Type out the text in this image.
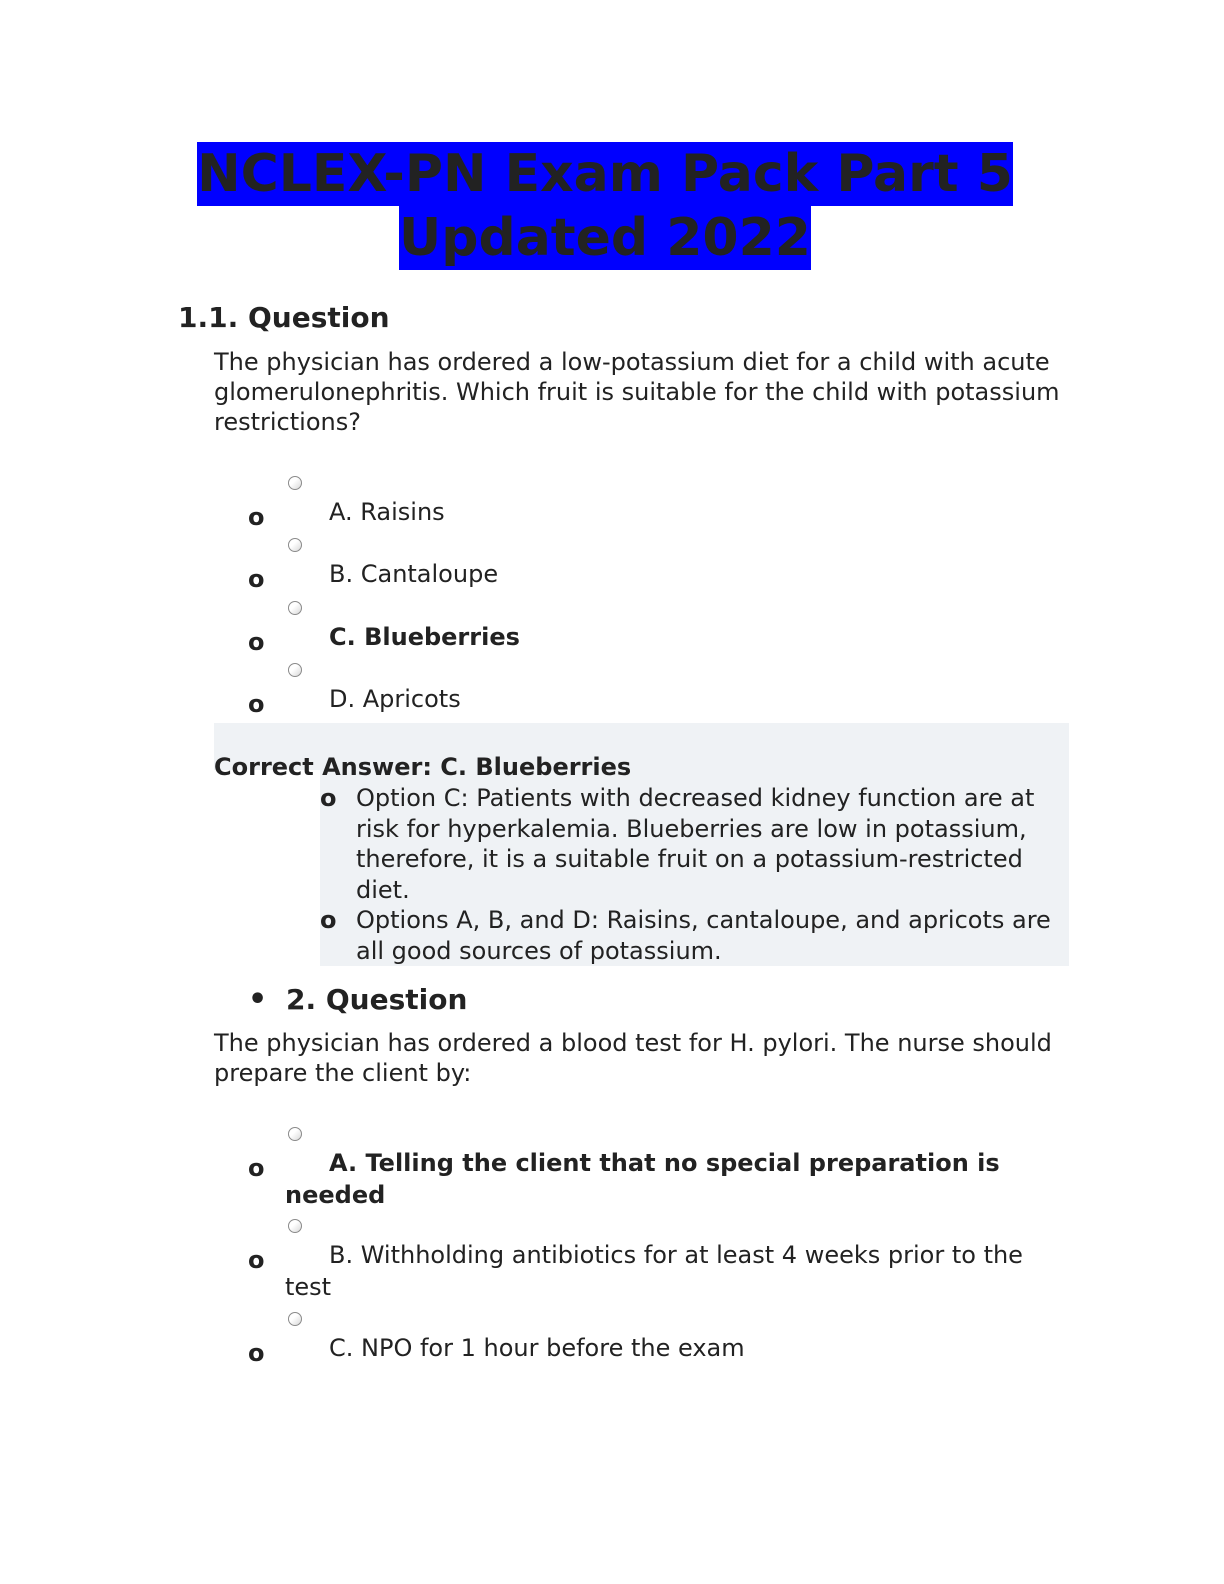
NCLEX-PN Exam Pack Part 5
Updated 2022
1.1. Question
The physician has ordered a low-potassium diet for a child with acute glomerulonephritis. Which fruit is suitable for the child with potassium restrictions?
o	A. Raisins
o	B. Cantaloupe
o	C. Blueberries
o	D. Apricots
Correct Answer: C. Blueberries
o Option C: Patients with decreased kidney function are at risk for hyperkalemia. Blueberries are low in potassium, therefore, it is a suitable fruit on a potassium-restricted diet.
o Options A, B, and D: Raisins, cantaloupe, and apricots are all good sources of potassium.
• 2. Question
The physician has ordered a blood test for H. pylori. The nurse should prepare the client by:
o	A. Telling the client that no special preparation is needed
o	B. Withholding antibiotics for at least 4 weeks prior to the test
o	C. NPO for 1 hour before the exam
